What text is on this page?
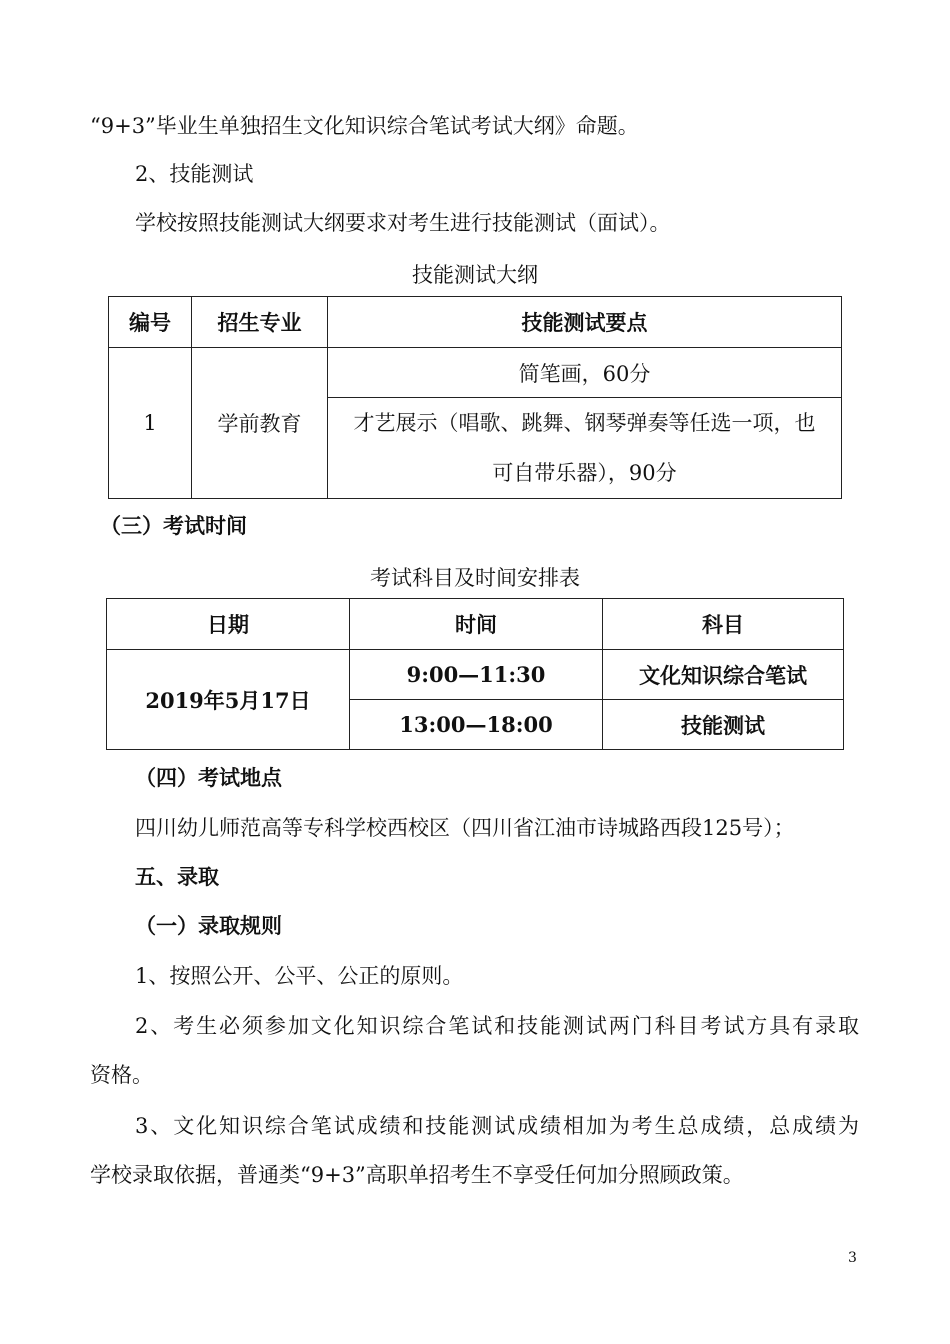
“9+3”毕业生单独招生文化知识综合笔试考试大纲》命题。
2、技能测试
学校按照技能测试大纲要求对考生进行技能测试（面试）。
技能测试大纲
编号	招生专业	技能测试要点
1	学前教育	简笔画，60分

		才艺展示（唱歌、跳舞、钢琴弹奏等任选一项，也
可自带乐器），90分
（三）考试时间
考试科目及时间安排表
日期	时间	科目
2019年5月17日	9:00—11:30	文化知识综合笔试
	13:00—18:00	技能测试
（四）考试地点
四川幼儿师范高等专科学校西校区（四川省江油市诗城路西段125号）；
五、录取
（一）录取规则
1、按照公开、公平、公正的原则。
2、考生必须参加文化知识综合笔试和技能测试两门科目考试方具有录取
资格。
3、文化知识综合笔试成绩和技能测试成绩相加为考生总成绩，总成绩为
学校录取依据，普通类“9+3”高职单招考生不享受任何加分照顾政策。
3
